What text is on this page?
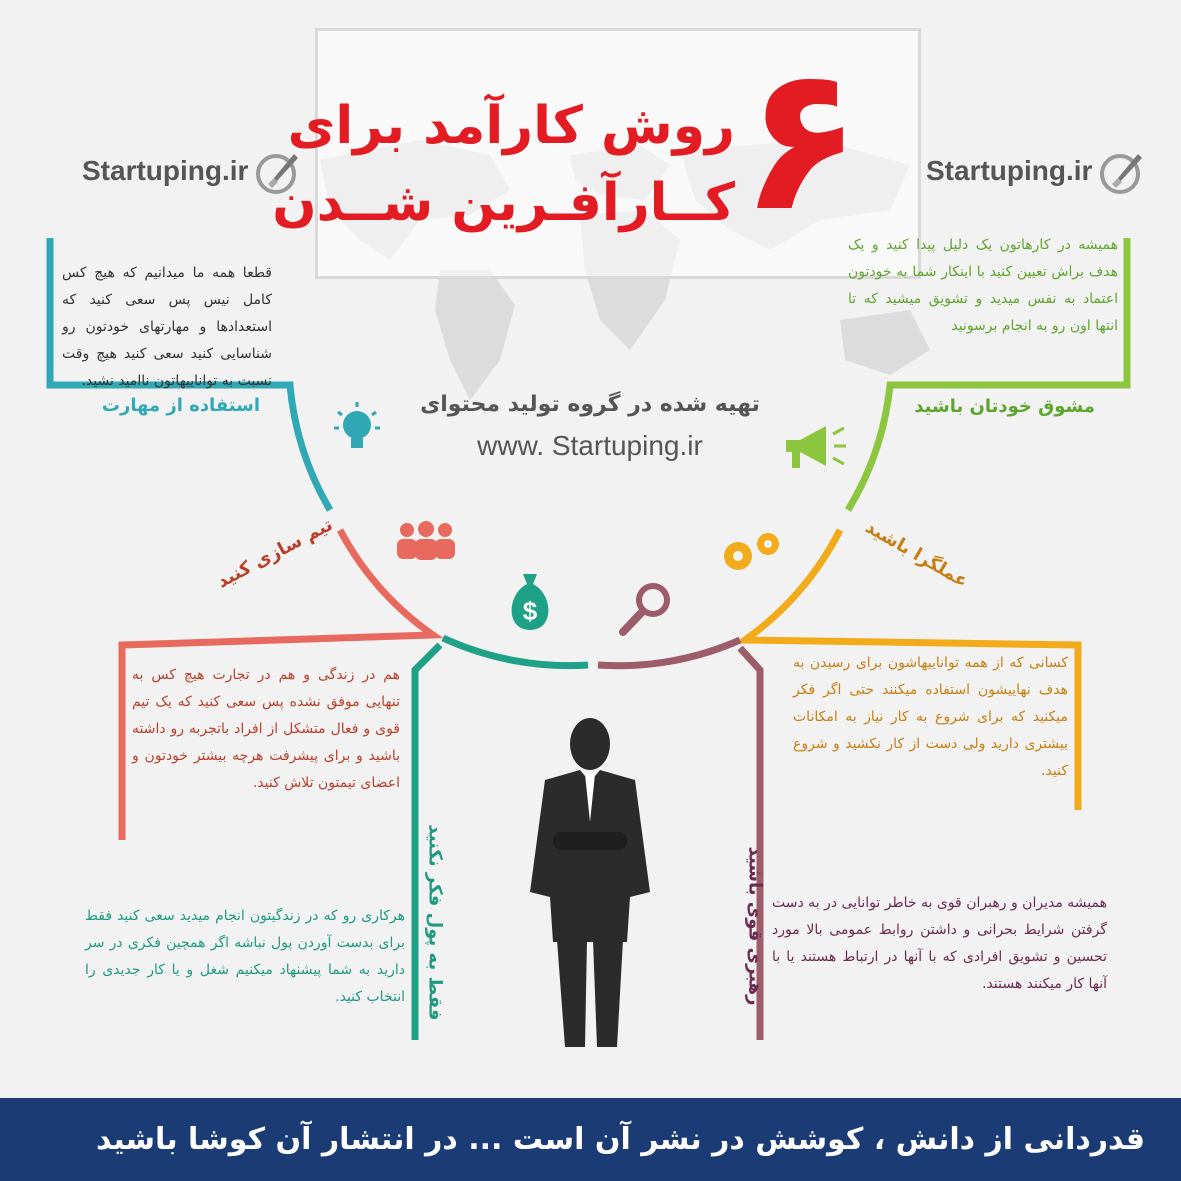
Startuping.ir	Startuping.ir
۶
روش کارآمد برای
کــارآفـرین شــدن
تهیه شده در گروه تولید محتوای
www. Startuping.ir
$
استفاده از مهارت	مشوق خودتان باشید
تیم سازی کنید	عملگرا باشید
فقط به پول فکر نکنید	رهبری قوی باشید
قطعا همه ما میدانیم که هیچ کس کامل نیس پس سعی کنید که استعدادها و مهارتهای خودتون رو شناسایی کنید سعی کنید هیچ وقت نسبت به تواناییهاتون ناامید نشید.
همیشه در کارهاتون یک دلیل پیدا کنید و یک هدف براش تعیین کنید با اینکار شما به خودتون اعتماد به نفس میدید و تشویق میشید که تا انتها اون رو به انجام برسونید
هم در زندگی و هم در تجارت هیچ کس به تنهایی موفق نشده پس سعی کنید که یک تیم قوی و فعال متشکل از افراد باتجربه رو داشته باشید و برای پیشرفت هرچه بیشتر خودتون و اعضای تیمتون تلاش کنید.
کسانی که از همه تواناییهاشون برای رسیدن به هدف نهاییشون استفاده میکنند حتی اگر فکر میکنید که برای شروع به کار نیاز به امکانات بیشتری دارید ولی دست از کار نکشید و شروع کنید.
هرکاری رو که در زندگیتون انجام میدید سعی کنید فقط برای بدست آوردن پول نباشه اگر همچین فکری در سر دارید به شما پیشنهاد میکنیم شغل و یا کار جدیدی را انتخاب کنید.
همیشه مدیران و رهبران قوی به خاطر توانایی در به دست گرفتن شرایط بحرانی و داشتن روابط عمومی بالا مورد تحسین و تشویق افرادی که با آنها در ارتباط هستند یا با آنها کار میکنند هستند.
قدردانی از دانش ، کوشش در نشر آن است ... در انتشار آن کوشا باشید
